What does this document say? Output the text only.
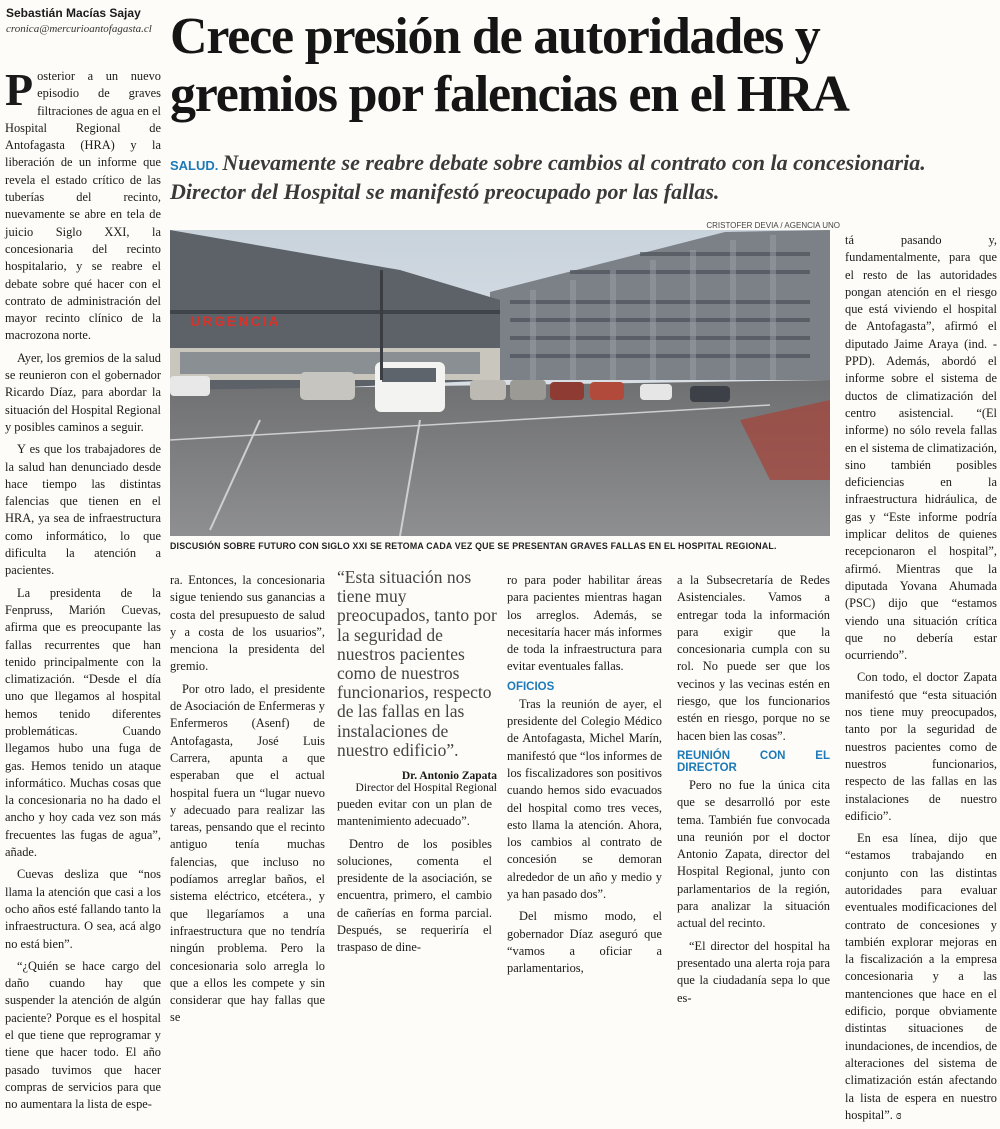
Sebastián Macías Sajay
cronica@mercurioantofagasta.cl Crece presión de autoridades y gremios por falencias en el HRA
SALUD. Nuevamente se reabre debate sobre cambios al contrato con la concesionaria. Director del Hospital se manifestó preocupado por las fallas.
CRISTOFER DEVIA / AGENCIA UNO
URGENCIA
DISCUSIÓN SOBRE FUTURO CON SIGLO XXI SE RETOMA CADA VEZ QUE SE PRESENTAN GRAVES FALLAS EN EL HOSPITAL REGIONAL.

Posterior a un nuevo episodio de graves filtraciones de agua en el Hospital Regional de Antofagasta (HRA) y la liberación de un informe que revela el estado crítico de las tuberías del recinto, nuevamente se abre en tela de juicio Siglo XXI, la concesionaria del recinto hospitalario, y se reabre el debate sobre qué hacer con el contrato de administración del mayor recinto clínico de la macrozona norte.

Ayer, los gremios de la salud se reunieron con el gobernador Ricardo Díaz, para abordar la situación del Hospital Regional y posibles caminos a seguir.

Y es que los trabajadores de la salud han denunciado desde hace tiempo las distintas falencias que tienen en el HRA, ya sea de infraestructura como informático, lo que dificulta la atención a pacientes.

La presidenta de la Fenpruss, Marión Cuevas, afirma que es preocupante las fallas recurrentes que han tenido principalmente con la climatización. “Desde el día uno que llegamos al hospital hemos tenido diferentes problemáticas. Cuando llegamos hubo una fuga de gas. Hemos tenido un ataque informático. Muchas cosas que la concesionaria no ha dado el ancho y hoy cada vez son más frecuentes las fugas de agua”, añade.

Cuevas desliza que “nos llama la atención que casi a los ocho años esté fallando tanto la infraestructura. O sea, acá algo no está bien”.

“¿Quién se hace cargo del daño cuando hay que suspender la atención de algún paciente? Porque es el hospital el que tiene que reprogramar y tiene que hacer todo. El año pasado tuvimos que hacer compras de servicios para que no aumentara la lista de espe-

ra. Entonces, la concesionaria sigue teniendo sus ganancias a costa del presupuesto de salud y a costa de los usuarios”, menciona la presidenta del gremio.

Por otro lado, el presidente de Asociación de Enfermeras y Enfermeros (Asenf) de Antofagasta, José Luis Carrera, apunta a que esperaban que el actual hospital fuera un “lugar nuevo y adecuado para realizar las tareas, pensando que el recinto antiguo tenía muchas falencias, que incluso no podíamos arreglar baños, el sistema eléctrico, etcétera., y que llegaríamos a una infraestructura que no tendría ningún problema. Pero la concesionaria solo arregla lo que a ellos les compete y sin considerar que hay fallas que se

“Esta situación nos tiene muy preocupados, tanto por la seguridad de nuestros pacientes como de nuestros funcionarios, respecto de las fallas en las instalaciones de nuestro edificio”.
Dr. Antonio Zapata
Director del Hospital Regional

pueden evitar con un plan de mantenimiento adecuado”.

Dentro de los posibles soluciones, comenta el presidente de la asociación, se encuentra, primero, el cambio de cañerías en forma parcial. Después, se requeriría el traspaso de dine-

ro para poder habilitar áreas para pacientes mientras hagan los arreglos. Además, se necesitaría hacer más informes de toda la infraestructura para evitar eventuales fallas.

OFICIOS

Tras la reunión de ayer, el presidente del Colegio Médico de Antofagasta, Michel Marín, manifestó que “los informes de los fiscalizadores son positivos cuando hemos sido evacuados del hospital como tres veces, esto llama la atención. Ahora, los cambios al contrato de concesión se demoran alrededor de un año y medio y ya han pasado dos”.

Del mismo modo, el gobernador Díaz aseguró que “vamos a oficiar a parlamentarios,

a la Subsecretaría de Redes Asistenciales. Vamos a entregar toda la información para exigir que la concesionaria cumpla con su rol. No puede ser que los vecinos y las vecinas estén en riesgo, que los funcionarios estén en riesgo, porque no se hacen bien las cosas”.

REUNIÓN CON EL DIRECTOR

Pero no fue la única cita que se desarrolló por este tema. También fue convocada una reunión por el doctor Antonio Zapata, director del Hospital Regional, junto con parlamentarios de la región, para analizar la situación actual del recinto.

“El director del hospital ha presentado una alerta roja para que la ciudadanía sepa lo que es-

tá pasando y, fundamentalmente, para que el resto de las autoridades pongan atención en el riesgo que está viviendo el hospital de Antofagasta”, afirmó el diputado Jaime Araya (ind. - PPD). Además, abordó el informe sobre el sistema de ductos de climatización del centro asistencial. “(El informe) no sólo revela fallas en el sistema de climatización, sino también posibles deficiencias en la infraestructura hidráulica, de gas y “Este informe podría implicar delitos de quienes recepcionaron el hospital”, afirmó. Mientras que la diputada Yovana Ahumada (PSC) dijo que “estamos viendo una situación crítica que no debería estar ocurriendo”.

Con todo, el doctor Zapata manifestó que “esta situación nos tiene muy preocupados, tanto por la seguridad de nuestros pacientes como de nuestros funcionarios, respecto de las fallas en las instalaciones de nuestro edificio”.

En esa línea, dijo que “estamos trabajando en conjunto con las distintas autoridades para evaluar eventuales modificaciones del contrato de concesiones y también explorar mejoras en la fiscalización a la empresa concesionaria y a las mantenciones que hace en el edificio, porque obviamente distintas situaciones de inundaciones, de incendios, de alteraciones del sistema de climatización están afectando la lista de espera en nuestro hospital”. ɞ
